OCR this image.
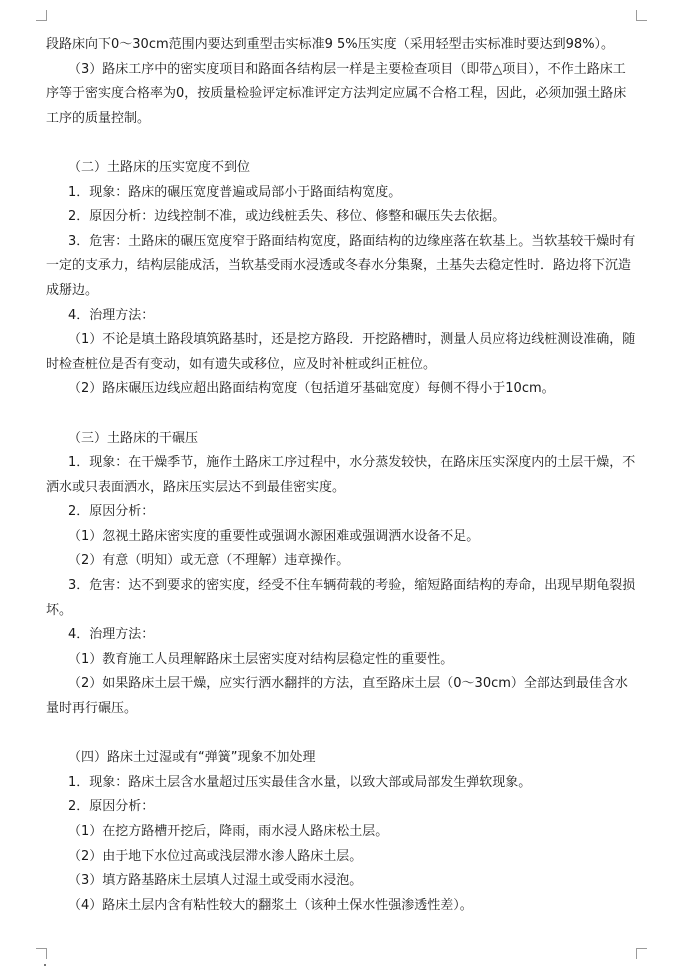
段路床向下0～30cm范围内要达到重型击实标准9 5%压实度（采用轻型击实标准时要达到98%）。

（3）路床工序中的密实度项目和路面各结构层一样是主要检查项目（即带△项目），不作土路床工序等于密实度合格率为0，按质量检验评定标准评定方法判定应属不合格工程，因此，必须加强土路床工序的质量控制。

（二）土路床的压实宽度不到位

1．现象：路床的碾压宽度普遍或局部小于路面结构宽度。

2．原因分析：边线控制不准，或边线桩丢失、移位、修整和碾压失去依据。

3．危害：土路床的碾压宽度窄于路面结构宽度，路面结构的边缘座落在软基上。当软基较干燥时有一定的支承力，结构层能成活，当软基受雨水浸透或冬春水分集聚，土基失去稳定性时．路边将下沉造成掰边。

4．治理方法：

（1）不论是填土路段填筑路基时，还是挖方路段．开挖路槽时，测量人员应将边线桩测设准确，随时检查桩位是否有变动，如有遗失或移位，应及时补桩或纠正桩位。

（2）路床碾压边线应超出路面结构宽度（包括道牙基础宽度）每侧不得小于10cm。

（三）土路床的干碾压

1．现象：在干燥季节，施作土路床工序过程中，水分蒸发较快，在路床压实深度内的土层干燥，不洒水或只表面洒水，路床压实层达不到最佳密实度。

2．原因分析：

（1）忽视土路床密实度的重要性或强调水源困难或强调洒水设备不足。

（2）有意（明知）或无意（不理解）违章操作。

3．危害：达不到要求的密实度，经受不住车辆荷载的考验，缩短路面结构的寿命，出现早期龟裂损坏。

4．治理方法：

（1）教育施工人员理解路床土层密实度对结构层稳定性的重要性。

（2）如果路床土层干燥，应实行洒水翻拌的方法，直至路床土层（0～30cm）全部达到最佳含水量时再行碾压。

（四）路床土过湿或有“弹簧”现象不加处理

1．现象：路床土层含水量超过压实最佳含水量，以致大部或局部发生弹软现象。

2．原因分析：

（1）在挖方路槽开挖后，降雨，雨水浸人路床松土层。

（2）由于地下水位过高或浅层滞水渗人路床土层。

（3）填方路基路床土层填人过湿土或受雨水浸泡。

（4）路床土层内含有粘性较大的翻浆土（该种土保水性强渗透性差）。
